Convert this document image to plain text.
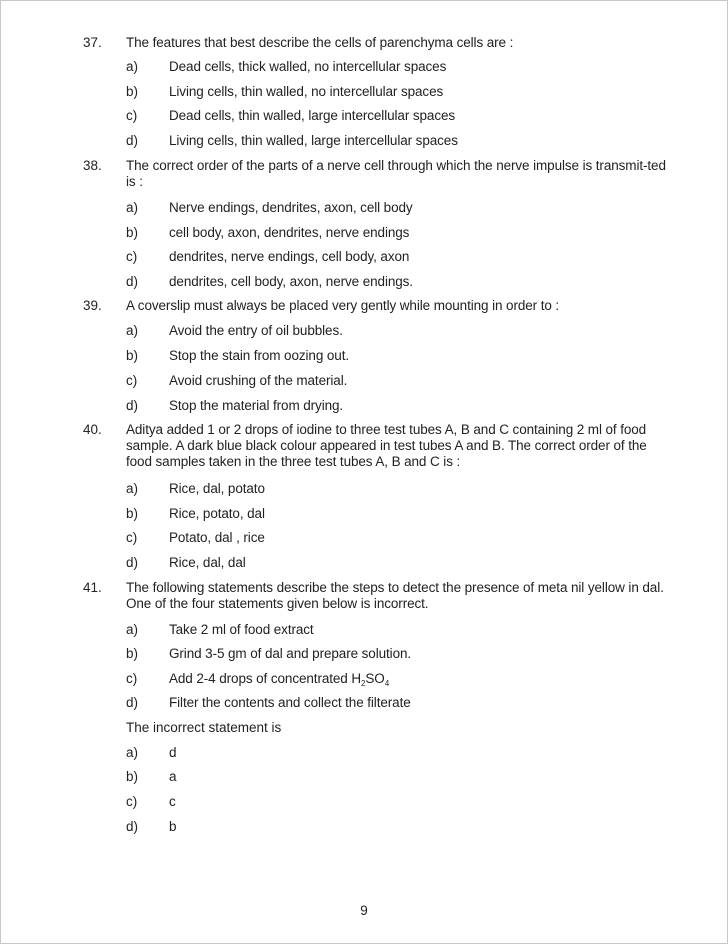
37. The features that best describe the cells of parenchyma cells are :
a) Dead cells, thick walled, no intercellular spaces
b) Living cells, thin walled, no intercellular spaces
c) Dead cells, thin walled, large intercellular spaces
d) Living cells, thin walled, large intercellular spaces
38. The correct order of the parts of a nerve cell through which the nerve impulse is transmit-ted is :
a) Nerve endings, dendrites, axon, cell body
b) cell body, axon, dendrites, nerve endings
c) dendrites, nerve endings, cell body, axon
d) dendrites, cell body, axon, nerve endings.
39. A coverslip must always be placed very gently while mounting in order to :
a) Avoid the entry of oil bubbles.
b) Stop the stain from oozing out.
c) Avoid crushing of the material.
d) Stop the material from drying.
40. Aditya added 1 or 2 drops of iodine to three test tubes A, B and C containing 2 ml of food sample. A dark blue black colour appeared in test tubes A and B. The correct order of the food samples taken in the three test tubes A, B and C is :
a) Rice, dal, potato
b) Rice, potato, dal
c) Potato, dal , rice
d) Rice, dal, dal
41. The following statements describe the steps to detect the presence of meta nil yellow in dal. One of the four statements given below is incorrect.
a) Take 2 ml of food extract
b) Grind 3-5 gm of dal and prepare solution.
c) Add 2-4 drops of concentrated $H_2SO_4$
d) Filter the contents and collect the filterate
The incorrect statement is
a) d
b) a
c) c
d) b
9
